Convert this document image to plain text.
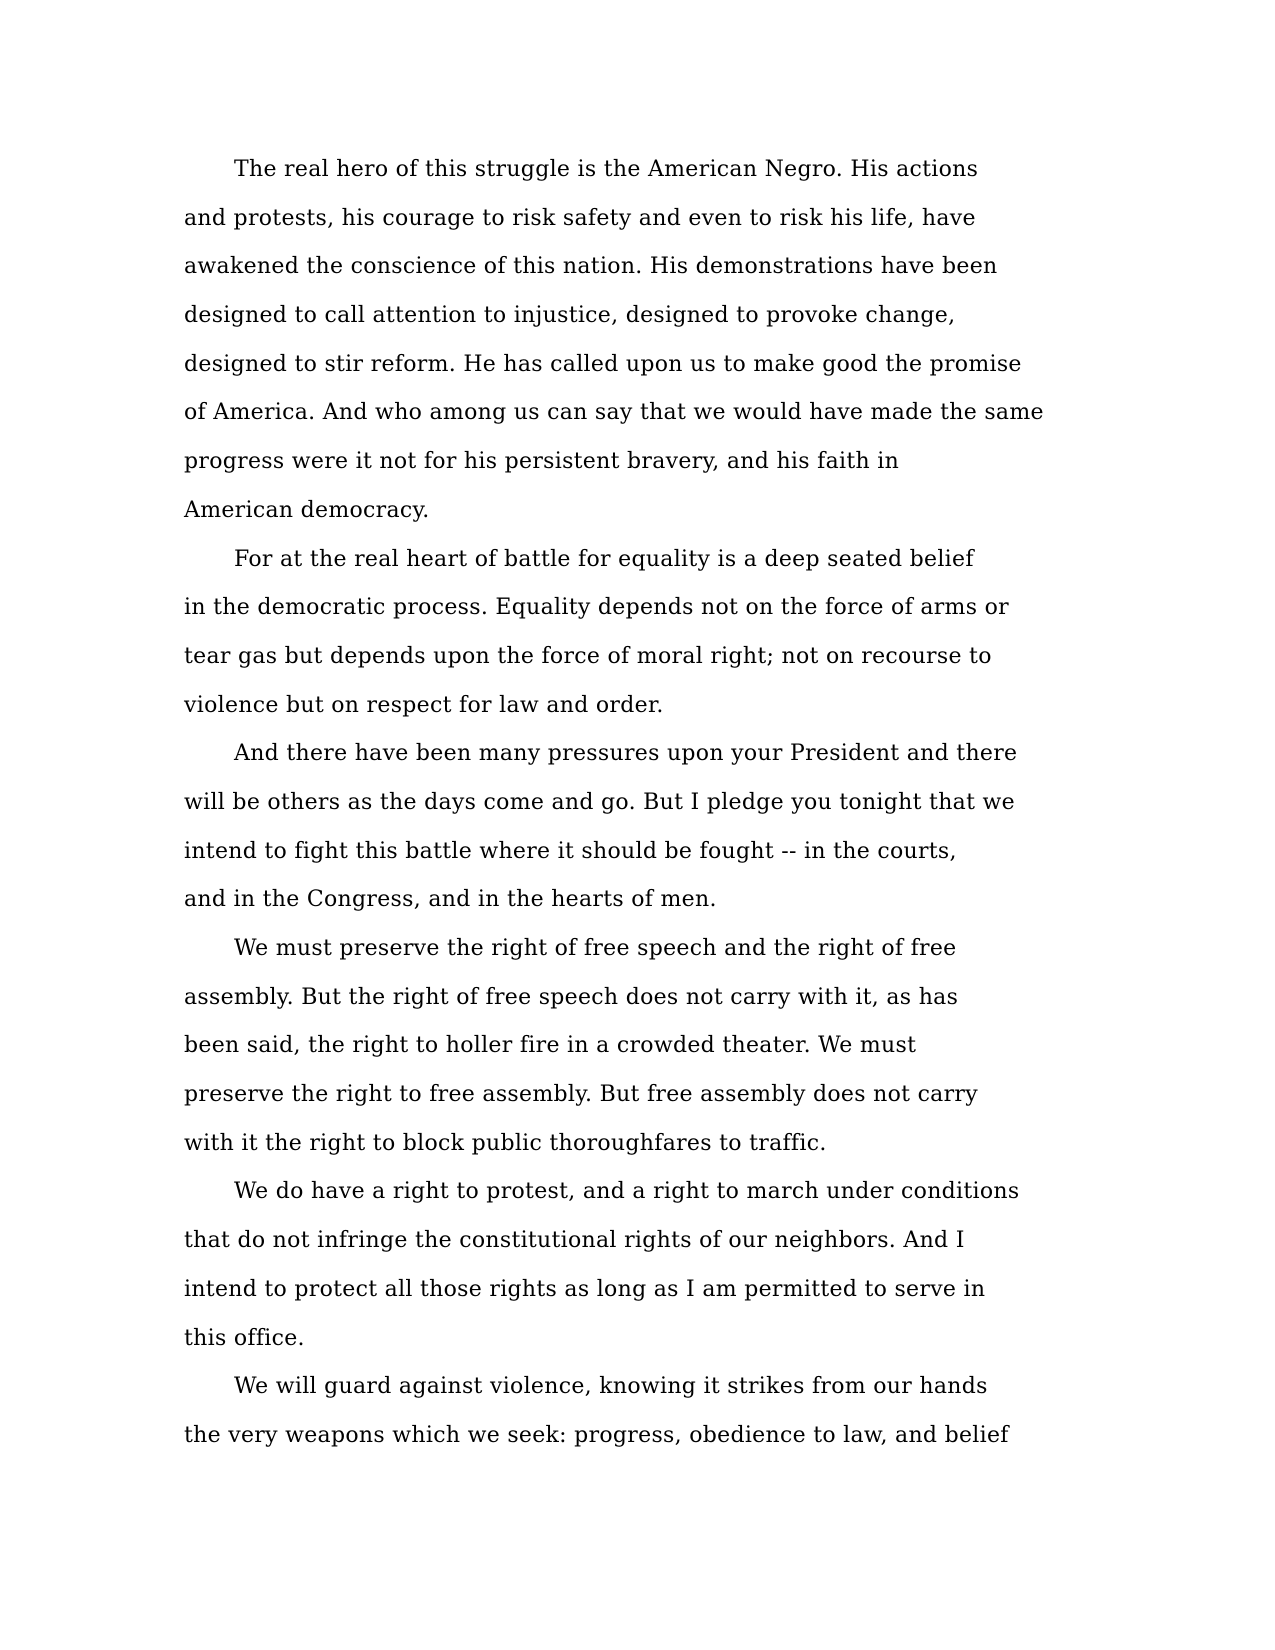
The real hero of this struggle is the American Negro. His actions
and protests, his courage to risk safety and even to risk his life, have
awakened the conscience of this nation. His demonstrations have been
designed to call attention to injustice, designed to provoke change,
designed to stir reform. He has called upon us to make good the promise
of America. And who among us can say that we would have made the same
progress were it not for his persistent bravery, and his faith in
American democracy.
For at the real heart of battle for equality is a deep seated belief
in the democratic process. Equality depends not on the force of arms or
tear gas but depends upon the force of moral right; not on recourse to
violence but on respect for law and order.
And there have been many pressures upon your President and there
will be others as the days come and go. But I pledge you tonight that we
intend to fight this battle where it should be fought -- in the courts,
and in the Congress, and in the hearts of men.
We must preserve the right of free speech and the right of free
assembly. But the right of free speech does not carry with it, as has
been said, the right to holler fire in a crowded theater. We must
preserve the right to free assembly. But free assembly does not carry
with it the right to block public thoroughfares to traffic.
We do have a right to protest, and a right to march under conditions
that do not infringe the constitutional rights of our neighbors. And I
intend to protect all those rights as long as I am permitted to serve in
this office.
We will guard against violence, knowing it strikes from our hands
the very weapons which we seek: progress, obedience to law, and belief
